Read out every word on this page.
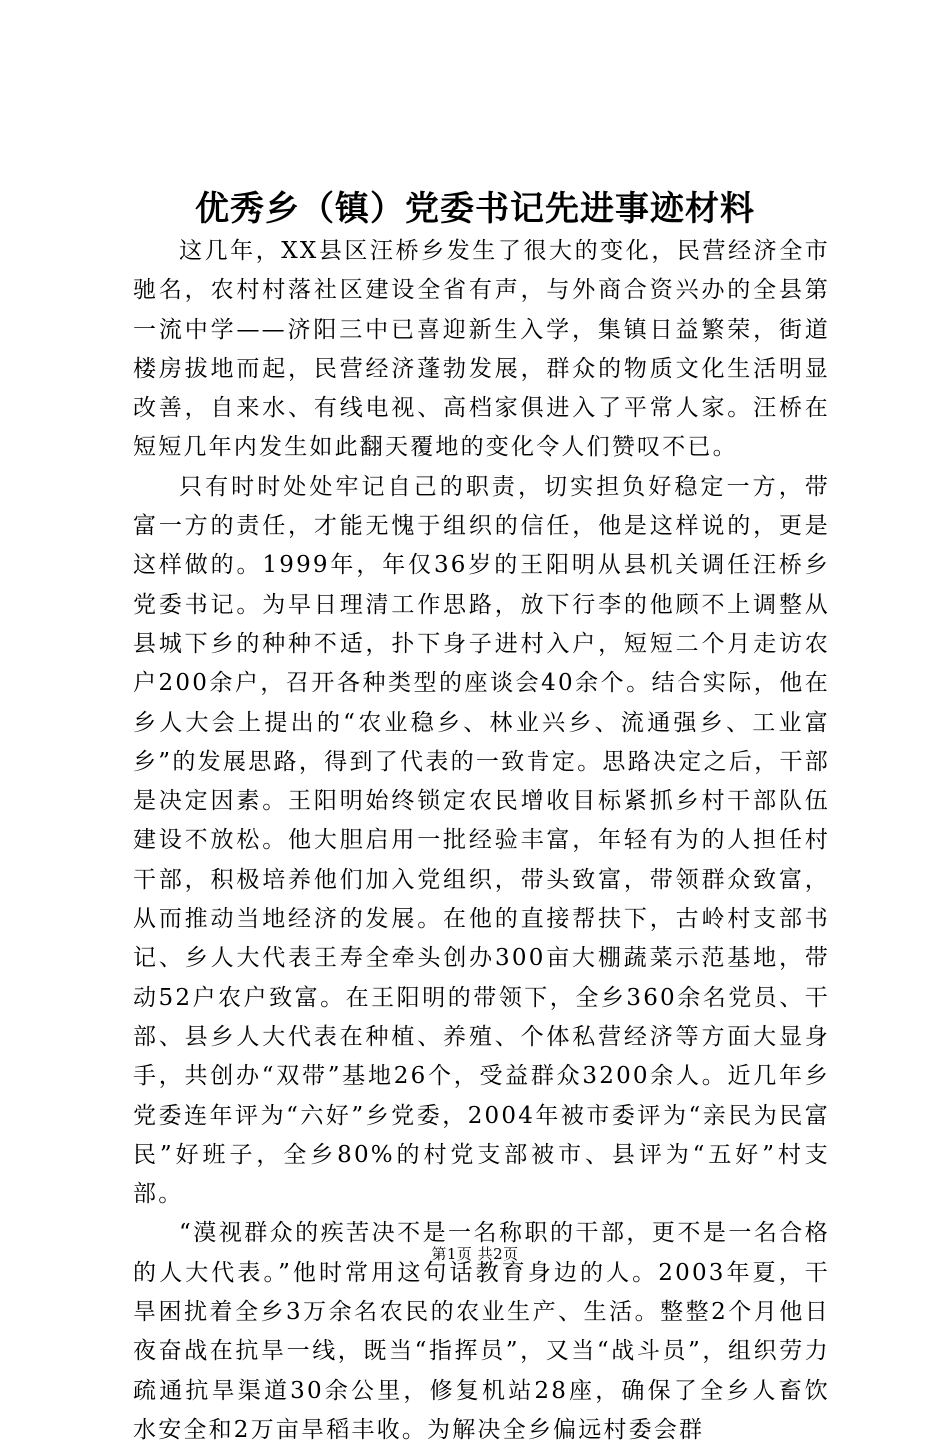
优秀乡（镇）党委书记先进事迹材料

这几年，XX县区汪桥乡发生了很大的变化，民营经济全市驰名，农村村落社区建设全省有声，与外商合资兴办的全县第一流中学——济阳三中已喜迎新生入学，集镇日益繁荣，街道楼房拔地而起，民营经济蓬勃发展，群众的物质文化生活明显改善，自来水、有线电视、高档家俱进入了平常人家。汪桥在短短几年内发生如此翻天覆地的变化令人们赞叹不已。

只有时时处处牢记自己的职责，切实担负好稳定一方，带富一方的责任，才能无愧于组织的信任，他是这样说的，更是这样做的。1999年，年仅36岁的王阳明从县机关调任汪桥乡党委书记。为早日理清工作思路，放下行李的他顾不上调整从县城下乡的种种不适，扑下身子进村入户，短短二个月走访农户200余户，召开各种类型的座谈会40余个。结合实际，他在乡人大会上提出的“农业稳乡、林业兴乡、流通强乡、工业富乡”的发展思路，得到了代表的一致肯定。思路决定之后，干部是决定因素。王阳明始终锁定农民增收目标紧抓乡村干部队伍建设不放松。他大胆启用一批经验丰富，年轻有为的人担任村干部，积极培养他们加入党组织，带头致富，带领群众致富，从而推动当地经济的发展。在他的直接帮扶下，古岭村支部书记、乡人大代表王寿全牵头创办300亩大棚蔬菜示范基地，带动52户农户致富。在王阳明的带领下，全乡360余名党员、干部、县乡人大代表在种植、养殖、个体私营经济等方面大显身手，共创办“双带”基地26个，受益群众3200余人。近几年乡党委连年评为“六好”乡党委，2004年被市委评为“亲民为民富民”好班子，全乡80%的村党支部被市、县评为“五好”村支部。

“漠视群众的疾苦决不是一名称职的干部，更不是一名合格的人大代表。”他时常用这句话教育身边的人。2003年夏，干旱困扰着全乡3万余名农民的农业生产、生活。整整2个月他日夜奋战在抗旱一线，既当“指挥员”，又当“战斗员”，组织劳力疏通抗旱渠道30余公里，修复机站28座，确保了全乡人畜饮水安全和2万亩旱稻丰收。为解决全乡偏远村委会群

第1页 共2页
